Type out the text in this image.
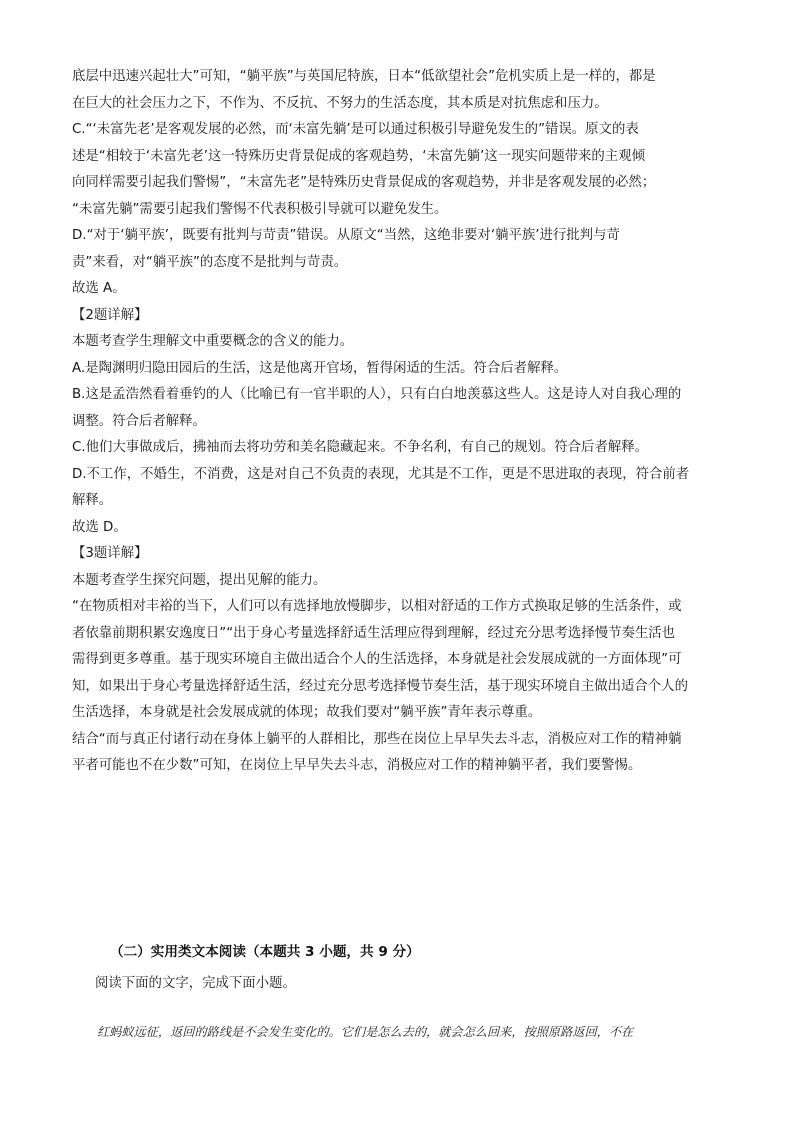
底层中迅速兴起壮大”可知，“躺平族”与英国尼特族，日本“低欲望社会”危机实质上是一样的，都是
在巨大的社会压力之下，不作为、不反抗、不努力的生活态度，其本质是对抗焦虑和压力。
C.“‘未富先老’是客观发展的必然，而‘未富先躺’是可以通过积极引导避免发生的”错误。原文的表
述是“相较于‘未富先老’这一特殊历史背景促成的客观趋势，‘未富先躺’这一现实问题带来的主观倾
向同样需要引起我们警惕”，“未富先老”是特殊历史背景促成的客观趋势，并非是客观发展的必然；
“未富先躺”需要引起我们警惕不代表积极引导就可以避免发生。
D.“对于‘躺平族’，既要有批判与苛责”错误。从原文“当然，这绝非要对‘躺平族’进行批判与苛
责”来看，对“躺平族”的态度不是批判与苛责。
故选 A。
【2题详解】
本题考查学生理解文中重要概念的含义的能力。
A.是陶渊明归隐田园后的生活，这是他离开官场，暂得闲适的生活。符合后者解释。
B.这是孟浩然看着垂钓的人（比喻已有一官半职的人），只有白白地羡慕这些人。这是诗人对自我心理的
调整。符合后者解释。
C.他们大事做成后，拂袖而去将功劳和美名隐藏起来。不争名利，有自己的规划。符合后者解释。
D.不工作，不婚生，不消费，这是对自己不负责的表现，尤其是不工作，更是不思进取的表现，符合前者
解释。
故选 D。
【3题详解】
本题考查学生探究问题，提出见解的能力。
“在物质相对丰裕的当下，人们可以有选择地放慢脚步，以相对舒适的工作方式换取足够的生活条件，或
者依靠前期积累安逸度日”“出于身心考量选择舒适生活理应得到理解，经过充分思考选择慢节奏生活也
需得到更多尊重。基于现实环境自主做出适合个人的生活选择，本身就是社会发展成就的一方面体现”可
知，如果出于身心考量选择舒适生活，经过充分思考选择慢节奏生活，基于现实环境自主做出适合个人的
生活选择，本身就是社会发展成就的体现；故我们要对“躺平族”青年表示尊重。
结合“而与真正付诸行动在身体上躺平的人群相比，那些在岗位上早早失去斗志，消极应对工作的精神躺
平者可能也不在少数”可知，在岗位上早早失去斗志，消极应对工作的精神躺平者，我们要警惕。
（二）实用类文本阅读（本题共 3 小题，共 9 分）
阅读下面的文字，完成下面小题。
红蚂蚁远征，返回的路线是不会发生变化的。它们是怎么去的，就会怎么回来，按照原路返回，不在
